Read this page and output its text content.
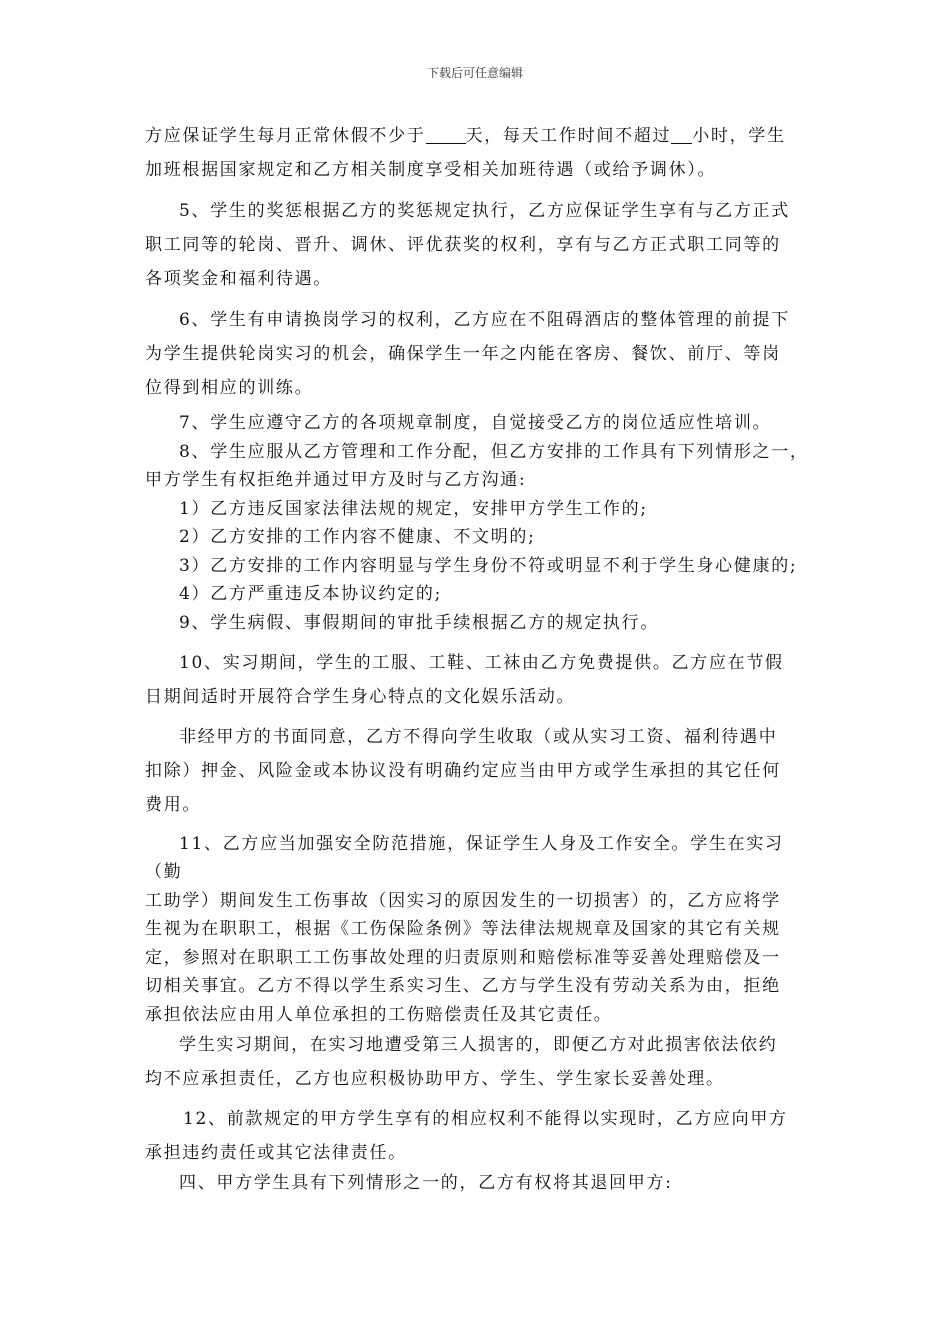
下载后可任意编辑
方应保证学生每月正常休假不少于 天，每天工作时间不超过 小时，学生
加班根据国家规定和乙方相关制度享受相关加班待遇（或给予调休）。
5、学生的奖惩根据乙方的奖惩规定执行，乙方应保证学生享有与乙方正式
职工同等的轮岗、晋升、调休、评优获奖的权利，享有与乙方正式职工同等的
各项奖金和福利待遇。
6、学生有申请换岗学习的权利，乙方应在不阻碍酒店的整体管理的前提下
为学生提供轮岗实习的机会，确保学生一年之内能在客房、餐饮、前厅、等岗
位得到相应的训练。
7、学生应遵守乙方的各项规章制度，自觉接受乙方的岗位适应性培训。
8、学生应服从乙方管理和工作分配，但乙方安排的工作具有下列情形之一，
甲方学生有权拒绝并通过甲方及时与乙方沟通:
1）乙方违反国家法律法规的规定，安排甲方学生工作的;
2）乙方安排的工作内容不健康、不文明的;
3）乙方安排的工作内容明显与学生身份不符或明显不利于学生身心健康的;
4）乙方严重违反本协议约定的;
9、学生病假、事假期间的审批手续根据乙方的规定执行。
10、实习期间，学生的工服、工鞋、工袜由乙方免费提供。乙方应在节假
日期间适时开展符合学生身心特点的文化娱乐活动。
非经甲方的书面同意，乙方不得向学生收取（或从实习工资、福利待遇中
扣除）押金、风险金或本协议没有明确约定应当由甲方或学生承担的其它任何
费用。
11、乙方应当加强安全防范措施，保证学生人身及工作安全。学生在实习
（勤
工助学）期间发生工伤事故（因实习的原因发生的一切损害）的，乙方应将学
生视为在职职工，根据《工伤保险条例》等法律法规规章及国家的其它有关规
定，参照对在职职工工伤事故处理的归责原则和赔偿标准等妥善处理赔偿及一
切相关事宜。乙方不得以学生系实习生、乙方与学生没有劳动关系为由，拒绝
承担依法应由用人单位承担的工伤赔偿责任及其它责任。
学生实习期间，在实习地遭受第三人损害的，即便乙方对此损害依法依约
均不应承担责任，乙方也应积极协助甲方、学生、学生家长妥善处理。
12、前款规定的甲方学生享有的相应权利不能得以实现时，乙方应向甲方
承担违约责任或其它法律责任。
四、甲方学生具有下列情形之一的，乙方有权将其退回甲方:
